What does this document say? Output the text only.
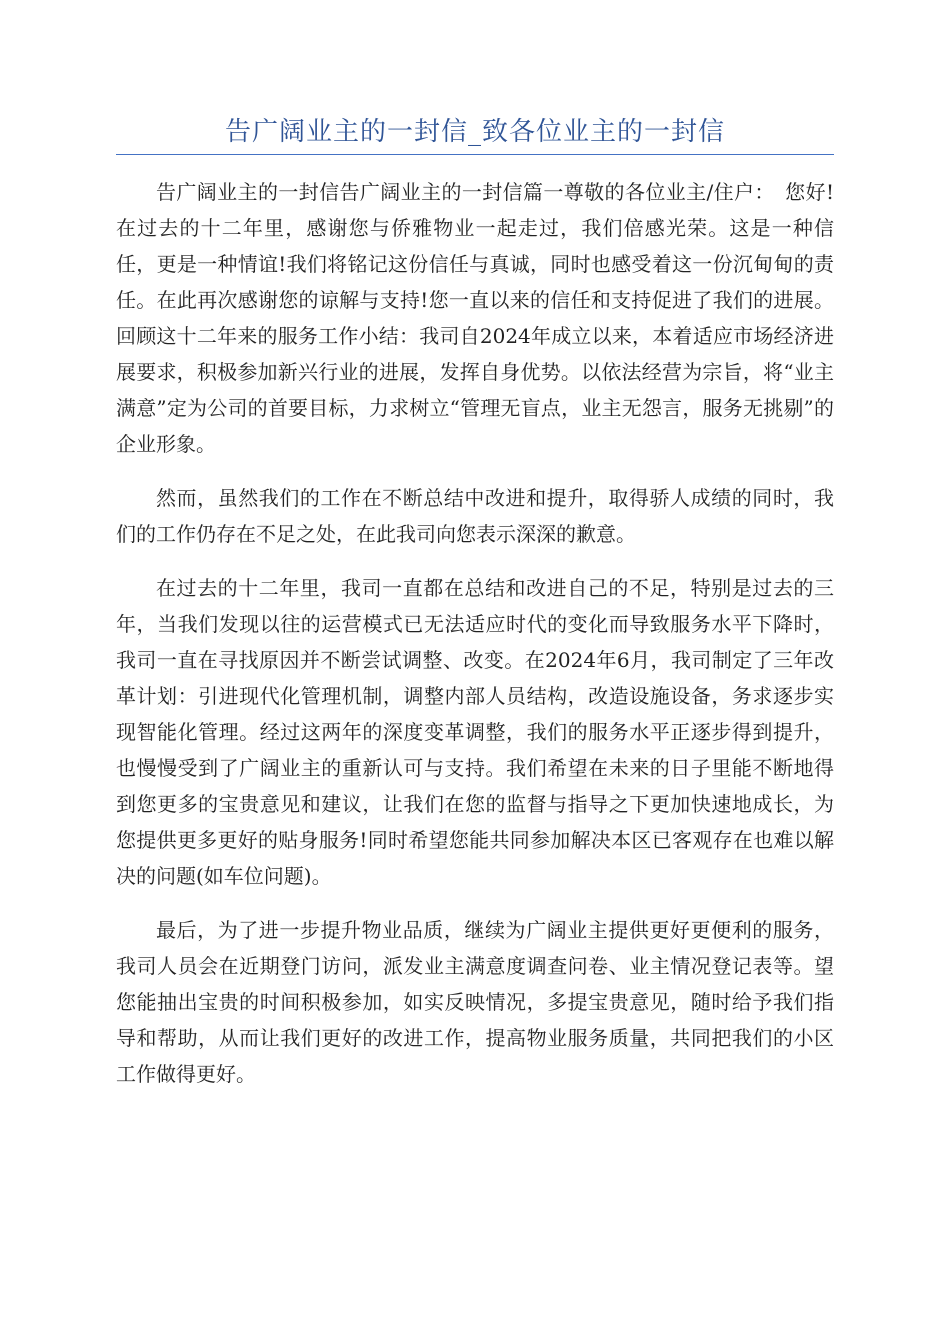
告广阔业主的一封信_致各位业主的一封信

告广阔业主的一封信告广阔业主的一封信篇一尊敬的各位业主/住户：　您好!在过去的十二年里，感谢您与侨雅物业一起走过，我们倍感光荣。这是一种信任，更是一种情谊!我们将铭记这份信任与真诚，同时也感受着这一份沉甸甸的责任。在此再次感谢您的谅解与支持!您一直以来的信任和支持促进了我们的进展。回顾这十二年来的服务工作小结：我司自2024年成立以来，本着适应市场经济进展要求，积极参加新兴行业的进展，发挥自身优势。以依法经营为宗旨，将“业主满意”定为公司的首要目标，力求树立“管理无盲点，业主无怨言，服务无挑剔”的企业形象。

然而，虽然我们的工作在不断总结中改进和提升，取得骄人成绩的同时，我们的工作仍存在不足之处，在此我司向您表示深深的歉意。

在过去的十二年里，我司一直都在总结和改进自己的不足，特别是过去的三年，当我们发现以往的运营模式已无法适应时代的变化而导致服务水平下降时，我司一直在寻找原因并不断尝试调整、改变。在2024年6月，我司制定了三年改革计划：引进现代化管理机制，调整内部人员结构，改造设施设备，务求逐步实现智能化管理。经过这两年的深度变革调整，我们的服务水平正逐步得到提升，也慢慢受到了广阔业主的重新认可与支持。我们希望在未来的日子里能不断地得到您更多的宝贵意见和建议，让我们在您的监督与指导之下更加快速地成长，为您提供更多更好的贴身服务!同时希望您能共同参加解决本区已客观存在也难以解决的问题(如车位问题)。

最后，为了进一步提升物业品质，继续为广阔业主提供更好更便利的服务，我司人员会在近期登门访问，派发业主满意度调查问卷、业主情况登记表等。望您能抽出宝贵的时间积极参加，如实反映情况，多提宝贵意见，随时给予我们指导和帮助，从而让我们更好的改进工作，提高物业服务质量，共同把我们的小区工作做得更好。
